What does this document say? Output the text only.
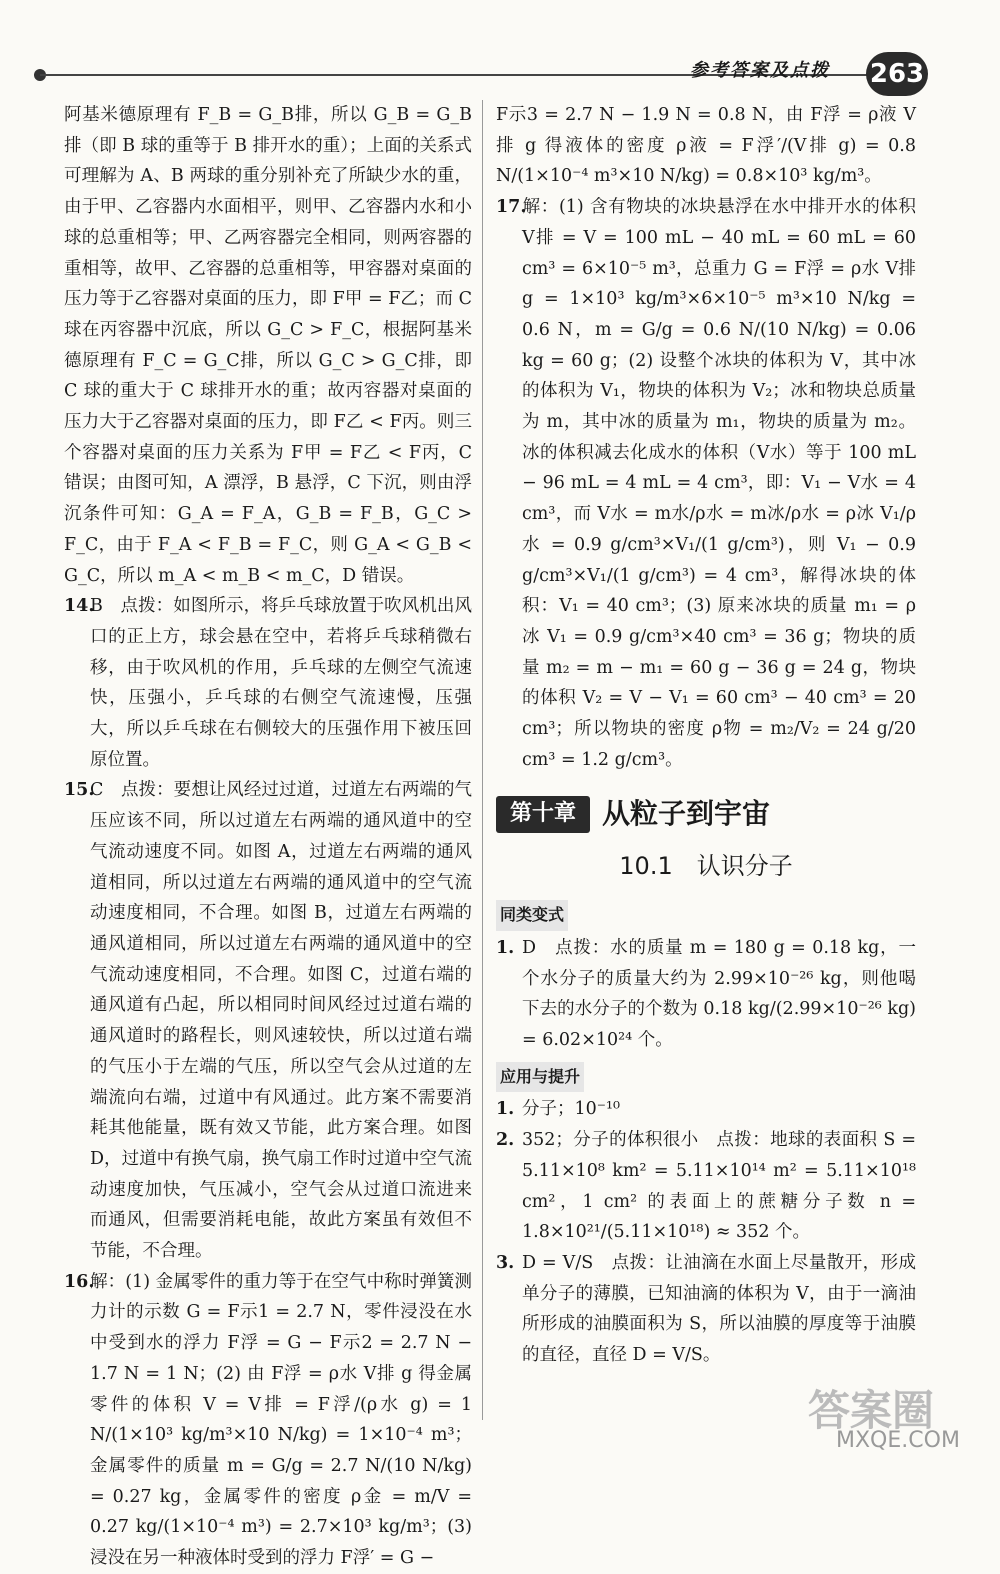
参考答案及点拨 263

阿基米德原理有 F_B = G_B排，所以 G_B = G_B排（即 B 球的重等于 B 排开水的重）；上面的关系式可理解为 A、B 两球的重分别补充了所缺少水的重，由于甲、乙容器内水面相平，则甲、乙容器内水和小球的总重相等；甲、乙两容器完全相同，则两容器的重相等，故甲、乙容器的总重相等，甲容器对桌面的压力等于乙容器对桌面的压力，即 F甲 = F乙；而 C 球在丙容器中沉底，所以 G_C > F_C，根据阿基米德原理有 F_C = G_C排，所以 G_C > G_C排，即 C 球的重大于 C 球排开水的重；故丙容器对桌面的压力大于乙容器对桌面的压力，即 F乙 < F丙。则三个容器对桌面的压力关系为 F甲 = F乙 < F丙，C 错误；由图可知，A 漂浮，B 悬浮，C 下沉，则由浮沉条件可知：G_A = F_A，G_B = F_B，G_C > F_C，由于 F_A < F_B = F_C，则 G_A < G_B < G_C，所以 m_A < m_B < m_C，D 错误。

14.B　点拨：如图所示，将乒乓球放置于吹风机出风口的正上方，球会悬在空中，若将乒乓球稍微右移，由于吹风机的作用，乒乓球的左侧空气流速快，压强小，乒乓球的右侧空气流速慢，压强大，所以乒乓球在右侧较大的压强作用下被压回原位置。

15.C　点拨：要想让风经过过道，过道左右两端的气压应该不同，所以过道左右两端的通风道中的空气流动速度不同。如图 A，过道左右两端的通风道相同，所以过道左右两端的通风道中的空气流动速度相同，不合理。如图 B，过道左右两端的通风道相同，所以过道左右两端的通风道中的空气流动速度相同，不合理。如图 C，过道右端的通风道有凸起，所以相同时间风经过过道右端的通风道时的路程长，则风速较快，所以过道右端的气压小于左端的气压，所以空气会从过道的左端流向右端，过道中有风通过。此方案不需要消耗其他能量，既有效又节能，此方案合理。如图 D，过道中有换气扇，换气扇工作时过道中空气流动速度加快，气压减小，空气会从过道口流进来而通风，但需要消耗电能，故此方案虽有效但不节能，不合理。

16.解：(1) 金属零件的重力等于在空气中称时弹簧测力计的示数 G = F示1 = 2.7 N，零件浸没在水中受到水的浮力 F浮 = G − F示2 = 2.7 N − 1.7 N = 1 N；(2) 由 F浮 = ρ水 V排 g 得金属零件的体积 V = V排 = F浮/(ρ水 g) = 1 N/(1×10³ kg/m³×10 N/kg) = 1×10⁻⁴ m³；金属零件的质量 m = G/g = 2.7 N/(10 N/kg) = 0.27 kg，金属零件的密度 ρ金 = m/V = 0.27 kg/(1×10⁻⁴ m³) = 2.7×10³ kg/m³；(3) 浸没在另一种液体时受到的浮力 F浮′ = G −

F示3 = 2.7 N − 1.9 N = 0.8 N，由 F浮 = ρ液 V排 g 得液体的密度 ρ液 = F浮′/(V排 g) = 0.8 N/(1×10⁻⁴ m³×10 N/kg) = 0.8×10³ kg/m³。

17.解：(1) 含有物块的冰块悬浮在水中排开水的体积 V排 = V = 100 mL − 40 mL = 60 mL = 60 cm³ = 6×10⁻⁵ m³，总重力 G = F浮 = ρ水 V排 g = 1×10³ kg/m³×6×10⁻⁵ m³×10 N/kg = 0.6 N，m = G/g = 0.6 N/(10 N/kg) = 0.06 kg = 60 g；(2) 设整个冰块的体积为 V，其中冰的体积为 V₁，物块的体积为 V₂；冰和物块总质量为 m，其中冰的质量为 m₁，物块的质量为 m₂。冰的体积减去化成水的体积（V水）等于 100 mL − 96 mL = 4 mL = 4 cm³，即：V₁ − V水 = 4 cm³，而 V水 = m水/ρ水 = m冰/ρ水 = ρ冰 V₁/ρ水 = 0.9 g/cm³×V₁/(1 g/cm³)，则 V₁ − 0.9 g/cm³×V₁/(1 g/cm³) = 4 cm³，解得冰块的体积：V₁ = 40 cm³；(3) 原来冰块的质量 m₁ = ρ冰 V₁ = 0.9 g/cm³×40 cm³ = 36 g；物块的质量 m₂ = m − m₁ = 60 g − 36 g = 24 g，物块的体积 V₂ = V − V₁ = 60 cm³ − 40 cm³ = 20 cm³；所以物块的密度 ρ物 = m₂/V₂ = 24 g/20 cm³ = 1.2 g/cm³。

第十章 从粒子到宇宙
10.1　认识分子
同类变式

1. D　点拨：水的质量 m = 180 g = 0.18 kg，一个水分子的质量大约为 2.99×10⁻²⁶ kg，则他喝下去的水分子的个数为 0.18 kg/(2.99×10⁻²⁶ kg) = 6.02×10²⁴ 个。

应用与提升

1. 分子；10⁻¹⁰

2. 352；分子的体积很小　点拨：地球的表面积 S = 5.11×10⁸ km² = 5.11×10¹⁴ m² = 5.11×10¹⁸ cm²，1 cm² 的表面上的蔗糖分子数 n = 1.8×10²¹/(5.11×10¹⁸) ≈ 352 个。

3. D = V/S　点拨：让油滴在水面上尽量散开，形成单分子的薄膜，已知油滴的体积为 V，由于一滴油所形成的油膜面积为 S，所以油膜的厚度等于油膜的直径，直径 D = V/S。

答案圈
MXQE.COM
